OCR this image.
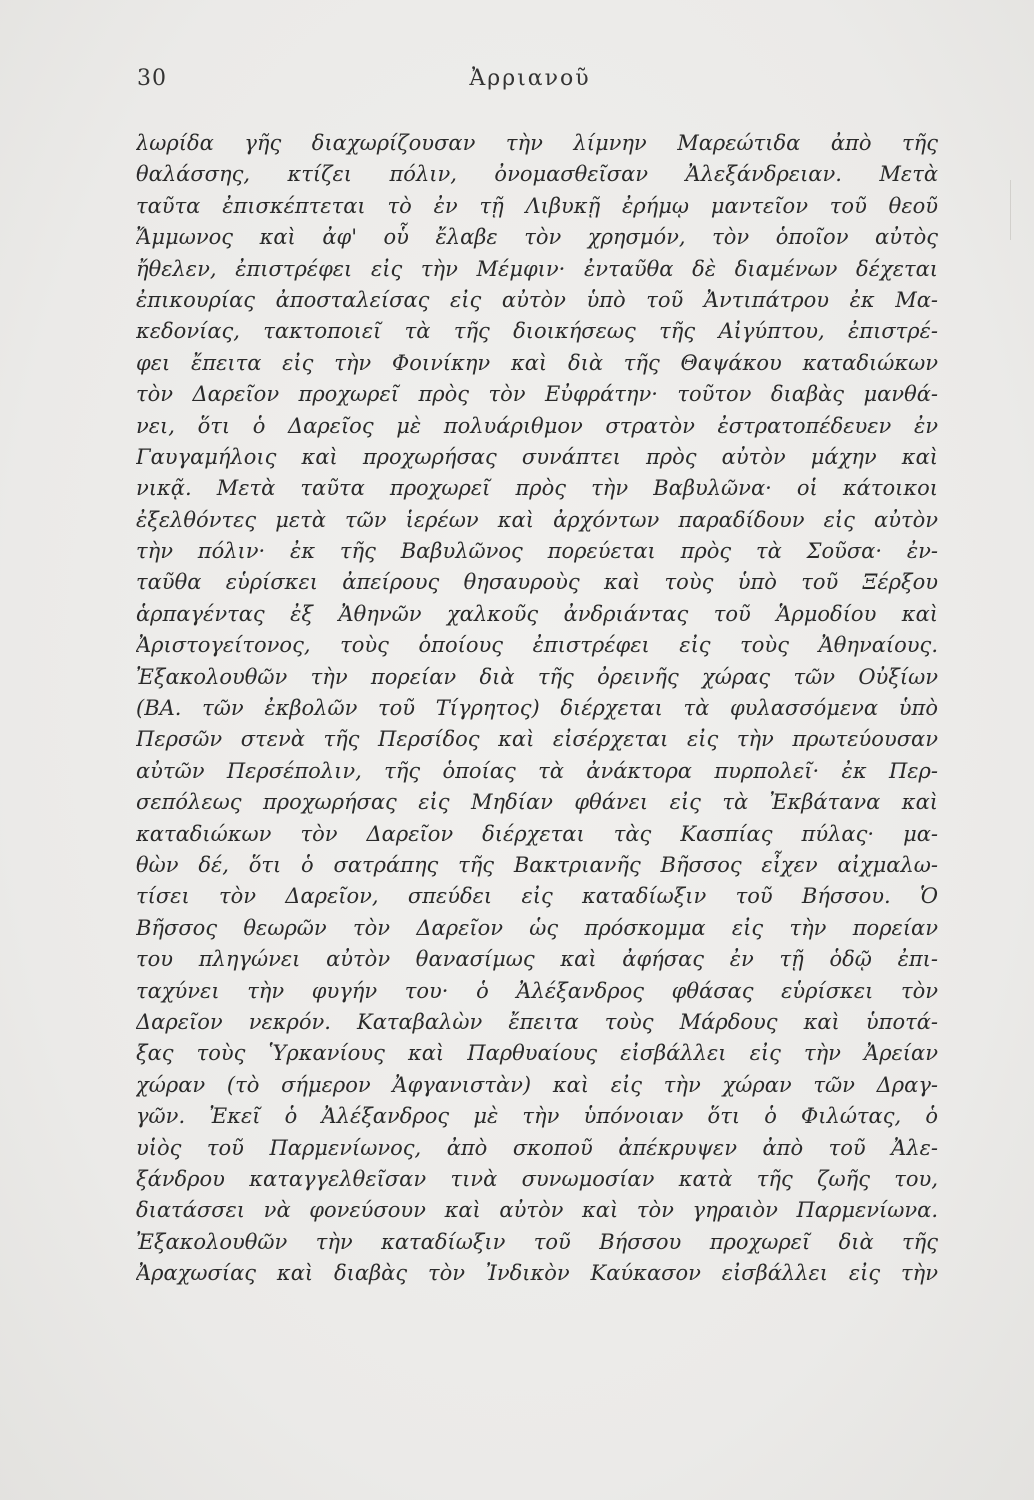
30	Ἀρριανοῦ
λωρίδα γῆς διαχωρίζουσαν τὴν λίμνην Μαρεώτιδα ἀπὸ τῆς
θαλάσσης, κτίζει πόλιν, ὀνομασθεῖσαν Ἀλεξάνδρειαν. Μετὰ
ταῦτα ἐπισκέπτεται τὸ ἐν τῇ Λιβυκῇ ἐρήμῳ μαντεῖον τοῦ θεοῦ
Ἄμμωνος καὶ ἀφ' οὗ ἔλαβε τὸν χρησμόν, τὸν ὁποῖον αὐτὸς
ἤθελεν, ἐπιστρέφει εἰς τὴν Μέμφιν· ἐνταῦθα δὲ διαμένων δέχεται
ἐπικουρίας ἀποσταλείσας εἰς αὐτὸν ὑπὸ τοῦ Ἀντιπάτρου ἐκ Μα-
κεδονίας, τακτοποιεῖ τὰ τῆς διοικήσεως τῆς Αἰγύπτου, ἐπιστρέ-
φει ἔπειτα εἰς τὴν Φοινίκην καὶ διὰ τῆς Θαψάκου καταδιώκων
τὸν Δαρεῖον προχωρεῖ πρὸς τὸν Εὐφράτην· τοῦτον διαβὰς μανθά-
νει, ὅτι ὁ Δαρεῖος μὲ πολυάριθμον στρατὸν ἐστρατοπέδευεν ἐν
Γαυγαμήλοις καὶ προχωρήσας συνάπτει πρὸς αὐτὸν μάχην καὶ
νικᾷ. Μετὰ ταῦτα προχωρεῖ πρὸς τὴν Βαβυλῶνα· οἱ κάτοικοι
ἐξελθόντες μετὰ τῶν ἱερέων καὶ ἀρχόντων παραδίδουν εἰς αὐτὸν
τὴν πόλιν· ἐκ τῆς Βαβυλῶνος πορεύεται πρὸς τὰ Σοῦσα· ἐν-
ταῦθα εὑρίσκει ἀπείρους θησαυροὺς καὶ τοὺς ὑπὸ τοῦ Ξέρξου
ἁρπαγέντας ἐξ Ἀθηνῶν χαλκοῦς ἀνδριάντας τοῦ Ἁρμοδίου καὶ
Ἀριστογείτονος, τοὺς ὁποίους ἐπιστρέφει εἰς τοὺς Ἀθηναίους.
Ἐξακολουθῶν τὴν πορείαν διὰ τῆς ὀρεινῆς χώρας τῶν Οὐξίων
(ΒΑ. τῶν ἐκβολῶν τοῦ Τίγρητος) διέρχεται τὰ φυλασσόμενα ὑπὸ
Περσῶν στενὰ τῆς Περσίδος καὶ εἰσέρχεται εἰς τὴν πρωτεύουσαν
αὐτῶν Περσέπολιν, τῆς ὁποίας τὰ ἀνάκτορα πυρπολεῖ· ἐκ Περ-
σεπόλεως προχωρήσας εἰς Μηδίαν φθάνει εἰς τὰ Ἐκβάτανα καὶ
καταδιώκων τὸν Δαρεῖον διέρχεται τὰς Κασπίας πύλας· μα-
θὼν δέ, ὅτι ὁ σατράπης τῆς Βακτριανῆς Βῆσσος εἶχεν αἰχμαλω-
τίσει τὸν Δαρεῖον, σπεύδει εἰς καταδίωξιν τοῦ Βήσσου. Ὁ
Βῆσσος θεωρῶν τὸν Δαρεῖον ὡς πρόσκομμα εἰς τὴν πορείαν
του πληγώνει αὐτὸν θανασίμως καὶ ἀφήσας ἐν τῇ ὁδῷ ἐπι-
ταχύνει τὴν φυγήν του· ὁ Ἀλέξανδρος φθάσας εὑρίσκει τὸν
Δαρεῖον νεκρόν. Καταβαλὼν ἔπειτα τοὺς Μάρδους καὶ ὑποτά-
ξας τοὺς Ὑρκανίους καὶ Παρθυαίους εἰσβάλλει εἰς τὴν Ἀρείαν
χώραν (τὸ σήμερον Ἀφγανιστὰν) καὶ εἰς τὴν χώραν τῶν Δραγ-
γῶν. Ἐκεῖ ὁ Ἀλέξανδρος μὲ τὴν ὑπόνοιαν ὅτι ὁ Φιλώτας, ὁ
υἱὸς τοῦ Παρμενίωνος, ἀπὸ σκοποῦ ἀπέκρυψεν ἀπὸ τοῦ Ἀλε-
ξάνδρου καταγγελθεῖσαν τινὰ συνωμοσίαν κατὰ τῆς ζωῆς του,
διατάσσει νὰ φονεύσουν καὶ αὐτὸν καὶ τὸν γηραιὸν Παρμενίωνα.
Ἐξακολουθῶν τὴν καταδίωξιν τοῦ Βήσσου προχωρεῖ διὰ τῆς
Ἀραχωσίας καὶ διαβὰς τὸν Ἰνδικὸν Καύκασον εἰσβάλλει εἰς τὴν
